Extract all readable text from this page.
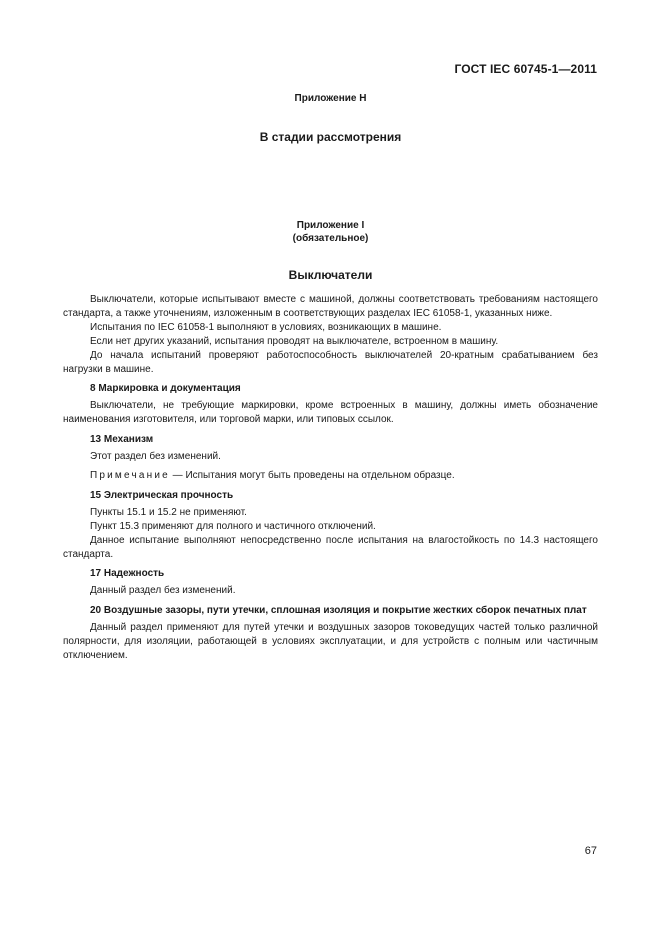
ГОСТ IEC 60745-1—2011
Приложение Н
В стадии рассмотрения
Приложение I
(обязательное)
Выключатели

Выключатели, которые испытывают вместе с машиной, должны соответствовать требованиям настоящего стандарта, а также уточнениям, изложенным в соответствующих разделах IEC 61058-1, указанных ниже.

Испытания по IEC 61058-1 выполняют в условиях, возникающих в машине.

Если нет других указаний, испытания проводят на выключателе, встроенном в машину.

До начала испытаний проверяют работоспособность выключателей 20-кратным срабатыванием без нагрузки в машине.

8 Маркировка и документация

Выключатели, не требующие маркировки, кроме встроенных в машину, должны иметь обозначение наименования изготовителя, или торговой марки, или типовых ссылок.

13 Механизм

Этот раздел без изменений.

Примечание — Испытания могут быть проведены на отдельном образце.

15 Электрическая прочность

Пункты 15.1 и 15.2 не применяют.

Пункт 15.3 применяют для полного и частичного отключений.

Данное испытание выполняют непосредственно после испытания на влагостойкость по 14.3 настоящего стандарта.

17 Надежность

Данный раздел без изменений.

20 Воздушные зазоры, пути утечки, сплошная изоляция и покрытие жестких сборок печатных плат

Данный раздел применяют для путей утечки и воздушных зазоров токоведущих частей только различной полярности, для изоляции, работающей в условиях эксплуатации, и для устройств с полным или частичным отключением.

67
